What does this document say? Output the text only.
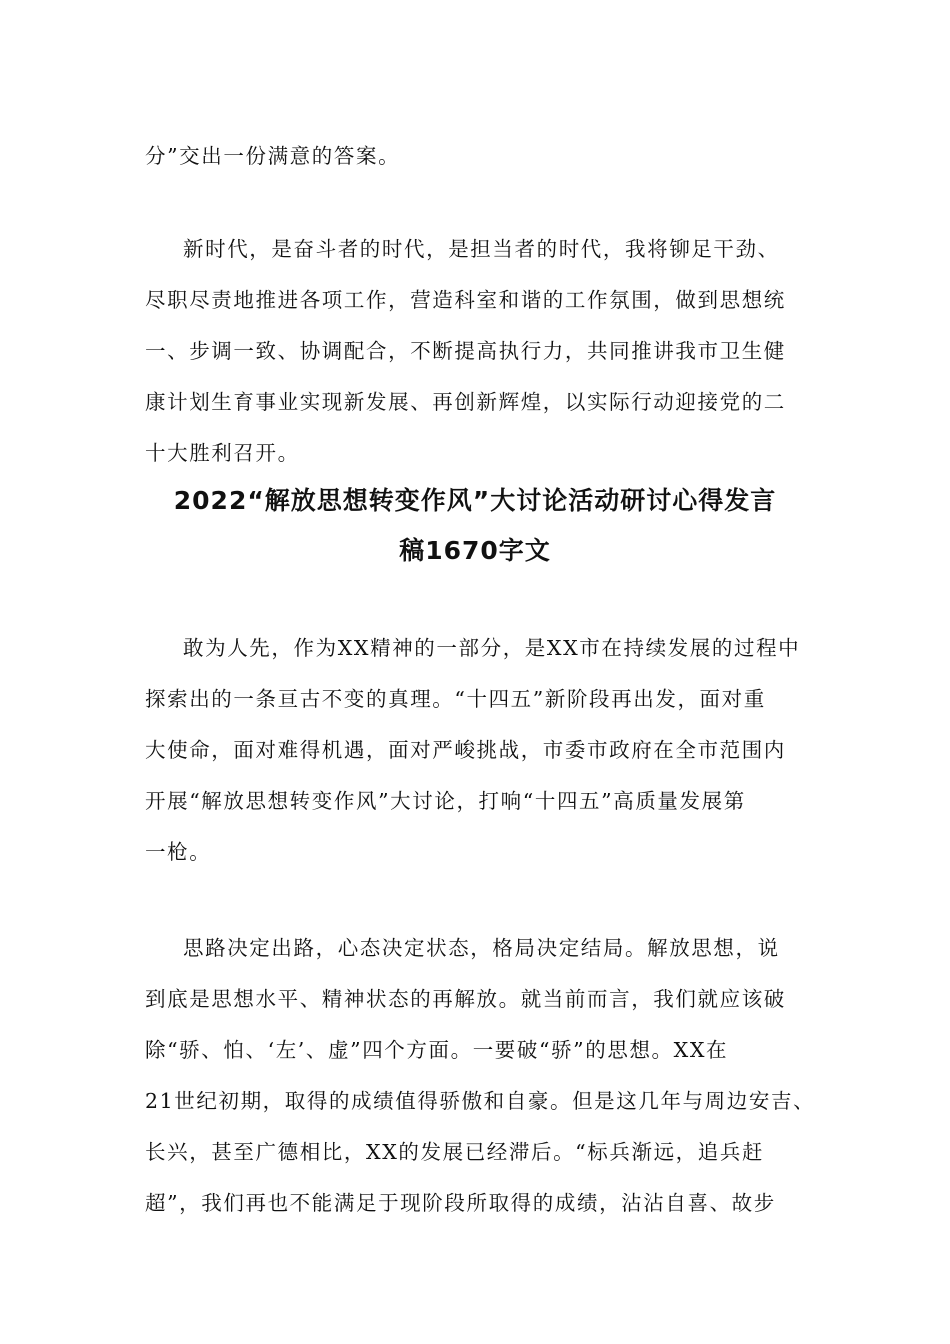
分”交出一份满意的答案。
新时代，是奋斗者的时代，是担当者的时代，我将铆足干劲、
尽职尽责地推进各项工作，营造科室和谐的工作氛围，做到思想统
一、步调一致、协调配合，不断提高执行力，共同推讲我市卫生健
康计划生育事业实现新发展、再创新辉煌，以实际行动迎接党的二
十大胜利召开。
2022“解放思想转变作风”大讨论活动研讨心得发言
稿1670字文
敢为人先，作为XX精神的一部分，是XX市在持续发展的过程中
探索出的一条亘古不变的真理。“十四五”新阶段再出发，面对重
大使命，面对难得机遇，面对严峻挑战，市委市政府在全市范围内
开展“解放思想转变作风”大讨论，打响“十四五”高质量发展第
一枪。
思路决定出路，心态决定状态，格局决定结局。解放思想，说
到底是思想水平、精神状态的再解放。就当前而言，我们就应该破
除“骄、怕、‘左’、虚”四个方面。一要破“骄”的思想。XX在
21世纪初期，取得的成绩值得骄傲和自豪。但是这几年与周边安吉、
长兴，甚至广德相比，XX的发展已经滞后。“标兵渐远，追兵赶
超”，我们再也不能满足于现阶段所取得的成绩，沾沾自喜、故步
